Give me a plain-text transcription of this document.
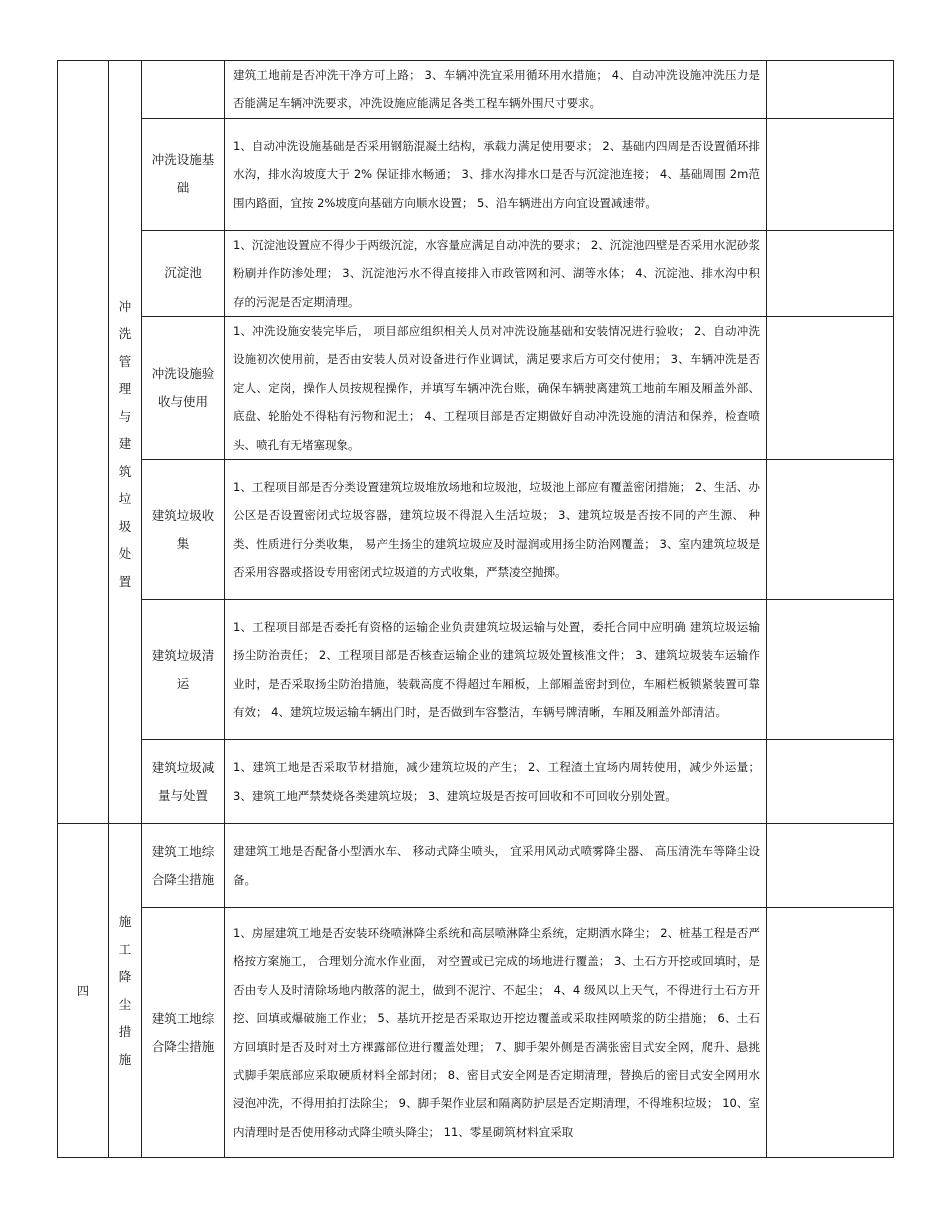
	冲洗管理与建筑垃圾处置		建筑工地前是否冲洗干净方可上路； 3、车辆冲洗宜采用循环用水措施； 4、自动冲洗设施冲洗压力是否能满足车辆冲洗要求，冲洗设施应能满足各类工程车辆外围尺寸要求。	
		冲洗设施基础	1、自动冲洗设施基础是否采用钢筋混凝土结构，承载力满足使用要求； 2、基础内四周是否设置循环排水沟，排水沟坡度大于 2% 保证排水畅通； 3、排水沟排水口是否与沉淀池连接； 4、基础周围 2m范围内路面，宜按 2%坡度向基础方向顺水设置； 5、沿车辆进出方向宜设置减速带。	
		沉淀池	1、沉淀池设置应不得少于两级沉淀，水容量应满足自动冲洗的要求； 2、沉淀池四壁是否采用水泥砂浆粉刷并作防渗处理； 3、沉淀池污水不得直接排入市政管网和河、湖等水体； 4、沉淀池、排水沟中积存的污泥是否定期清理。	
		冲洗设施验收与使用	1、冲洗设施安装完毕后， 项目部应组织相关人员对冲洗设施基础和安装情况进行验收； 2、自动冲洗设施初次使用前，是否由安装人员对设备进行作业调试，满足要求后方可交付使用； 3、车辆冲洗是否定人、定岗，操作人员按规程操作，并填写车辆冲洗台账，确保车辆驶离建筑工地前车厢及厢盖外部、底盘、轮胎处不得粘有污物和泥土； 4、工程项目部是否定期做好自动冲洗设施的清洁和保养，检查喷头、喷孔有无堵塞现象。	
		建筑垃圾收集	1、工程项目部是否分类设置建筑垃圾堆放场地和垃圾池，垃圾池上部应有覆盖密闭措施； 2、生活、办公区是否设置密闭式垃圾容器，建筑垃圾不得混入生活垃圾； 3、建筑垃圾是否按不同的产生源、 种类、性质进行分类收集， 易产生扬尘的建筑垃圾应及时湿润或用扬尘防治网覆盖； 3、室内建筑垃圾是否采用容器或搭设专用密闭式垃圾道的方式收集，严禁凌空抛掷。	
		建筑垃圾清运	1、工程项目部是否委托有资格的运输企业负责建筑垃圾运输与处置，委托合同中应明确 建筑垃圾运输扬尘防治责任； 2、工程项目部是否核查运输企业的建筑垃圾处置核准文件； 3、建筑垃圾装车运输作业时，是否采取扬尘防治措施，装载高度不得超过车厢板，上部厢盖密封到位，车厢栏板锁紧装置可靠有效； 4、建筑垃圾运输车辆出门时，是否做到车容整洁，车辆号牌清晰，车厢及厢盖外部清洁。	
		建筑垃圾减量与处置	1、建筑工地是否采取节材措施，减少建筑垃圾的产生； 2、工程渣土宜场内周转使用，减少外运量； 3、建筑工地严禁焚烧各类建筑垃圾； 3、建筑垃圾是否按可回收和不可回收分别处置。	
四	施工降尘措施	建筑工地综合降尘措施	建建筑工地是否配备小型洒水车、 移动式降尘喷头， 宜采用风动式喷雾降尘器、 高压清洗车等降尘设备。	
		建筑工地综合降尘措施	1、房屋建筑工地是否安装环绕喷淋降尘系统和高层喷淋降尘系统，定期洒水降尘； 2、桩基工程是否严格按方案施工， 合理划分流水作业面， 对空置或已完成的场地进行覆盖； 3、土石方开挖或回填时，是否由专人及时清除场地内散落的泥土，做到不泥泞、不起尘； 4、4 级风以上天气，不得进行土石方开挖、回填或爆破施工作业； 5、基坑开挖是否采取边开挖边覆盖或采取挂网喷浆的防尘措施； 6、土石方回填时是否及时对土方裸露部位进行覆盖处理； 7、脚手架外侧是否满张密目式安全网，爬升、悬挑式脚手架底部应采取硬质材料全部封闭； 8、密目式安全网是否定期清理，替换后的密目式安全网用水浸泡冲洗，不得用拍打法除尘； 9、脚手架作业层和隔离防护层是否定期清理，不得堆积垃圾； 10、室内清理时是否使用移动式降尘喷头降尘； 11、零星砌筑材料宜采取	
